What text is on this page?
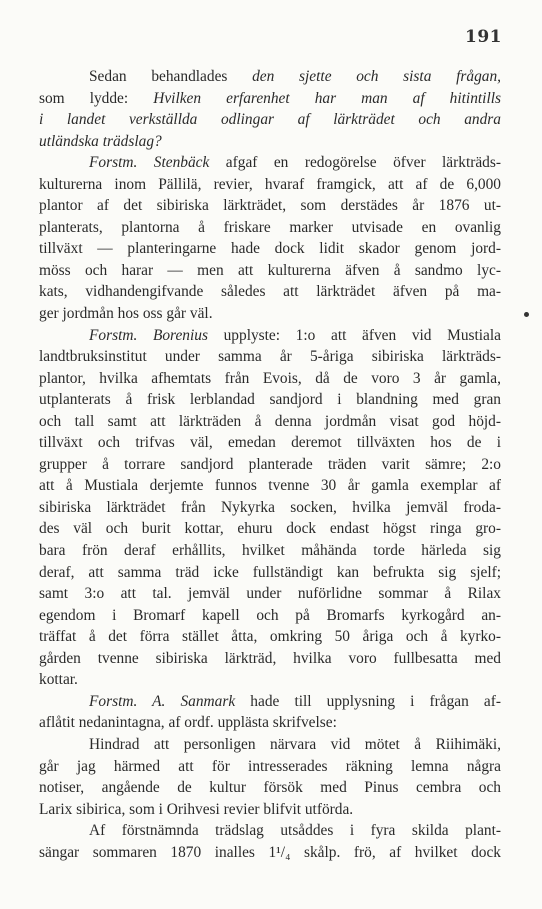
191
Sedan behandlades den sjette och sista frågan,
som lydde: Hvilken erfarenhet har man af hitintills
i landet verkställda odlingar af lärkträdet och andra
utländska trädslag?
Forstm. Stenbäck afgaf en redogörelse öfver lärkträds-
kulturerna inom Pällilä, revier, hvaraf framgick, att af de 6,000
plantor af det sibiriska lärkträdet, som derstädes år 1876 ut-
planterats, plantorna å friskare marker utvisade en ovanlig
tillväxt — planteringarne hade dock lidit skador genom jord-
möss och harar — men att kulturerna äfven å sandmo lyc-
kats, vidhandengifvande således att lärkträdet äfven på ma-
ger jordmån hos oss går väl.
Forstm. Borenius upplyste: 1:o att äfven vid Mustiala
landtbruksinstitut under samma år 5-åriga sibiriska lärkträds-
plantor, hvilka afhemtats från Evois, då de voro 3 år gamla,
utplanterats å frisk lerblandad sandjord i blandning med gran
och tall samt att lärkträden å denna jordmån visat god höjd-
tillväxt och trifvas väl, emedan deremot tillväxten hos de i
grupper å torrare sandjord planterade träden varit sämre; 2:o
att å Mustiala derjemte funnos tvenne 30 år gamla exemplar af
sibiriska lärkträdet från Nykyrka socken, hvilka jemväl froda-
des väl och burit kottar, ehuru dock endast högst ringa gro-
bara frön deraf erhållits, hvilket måhända torde härleda sig
deraf, att samma träd icke fullständigt kan befrukta sig sjelf;
samt 3:o att tal. jemväl under nuförlidne sommar å Rilax
egendom i Bromarf kapell och på Bromarfs kyrkogård an-
träffat å det förra stället åtta, omkring 50 åriga och å kyrko-
gården tvenne sibiriska lärkträd, hvilka voro fullbesatta med
kottar.
Forstm. A. Sanmark hade till upplysning i frågan af-
aflåtit nedanintagna, af ordf. upplästa skrifvelse:
Hindrad att personligen närvara vid mötet å Riihimäki,
går jag härmed att för intresserades räkning lemna några
notiser, angående de kultur försök med Pinus cembra och
Larix sibirica, som i Orihvesi revier blifvit utförda.
Af förstnämnda trädslag utsåddes i fyra skilda plant-
sängar sommaren 1870 inalles 1¹/₄ skålp. frö, af hvilket dock
